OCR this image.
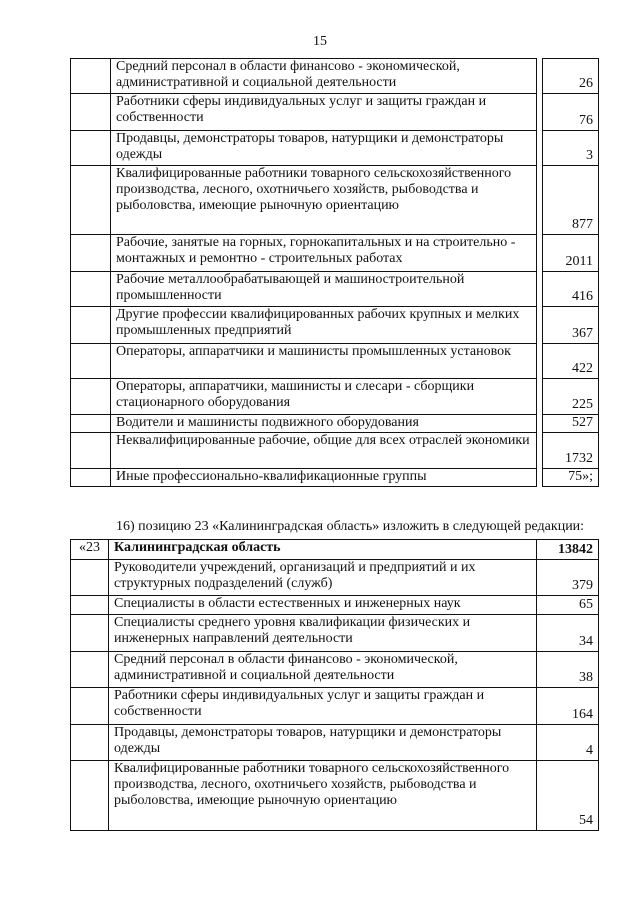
15
	Средний персонал в области финансово - экономической, административной и социальной деятельности		26
	Работники сферы индивидуальных услуг и защиты граждан и собственности		76
	Продавцы, демонстраторы товаров, натурщики и демонстраторы одежды		3
	Квалифицированные работники товарного сельскохозяйственного производства, лесного, охотничьего хозяйств, рыбоводства и рыболовства, имеющие рыночную ориентацию		877
	Рабочие, занятые на горных, горнокапитальных и на строительно - монтажных и ремонтно - строительных работах		2011
	Рабочие металлообрабатывающей и машиностроительной промышленности		416
	Другие профессии квалифицированных рабочих крупных и мелких промышленных предприятий		367
	Операторы, аппаратчики и машинисты промышленных установок		422
	Операторы, аппаратчики, машинисты и слесари - сборщики стационарного оборудования		225
	Водители и машинисты подвижного оборудования		527
	Неквалифицированные рабочие, общие для всех отраслей экономики		1732
	Иные профессионально-квалификационные группы		75»;

16) позицию 23 «Калининградская область» изложить в следующей редакции:

«23	Калининградская область	13842
	Руководители учреждений, организаций и предприятий и их структурных подразделений (служб)	379
	Специалисты в области естественных и инженерных наук	65
	Специалисты среднего уровня квалификации физических и инженерных направлений деятельности	34
	Средний персонал в области финансово - экономической, административной и социальной деятельности	38
	Работники сферы индивидуальных услуг и защиты граждан и собственности	164
	Продавцы, демонстраторы товаров, натурщики и демонстраторы одежды	4
	Квалифицированные работники товарного сельскохозяйственного производства, лесного, охотничьего хозяйств, рыбоводства и рыболовства, имеющие рыночную ориентацию	54
